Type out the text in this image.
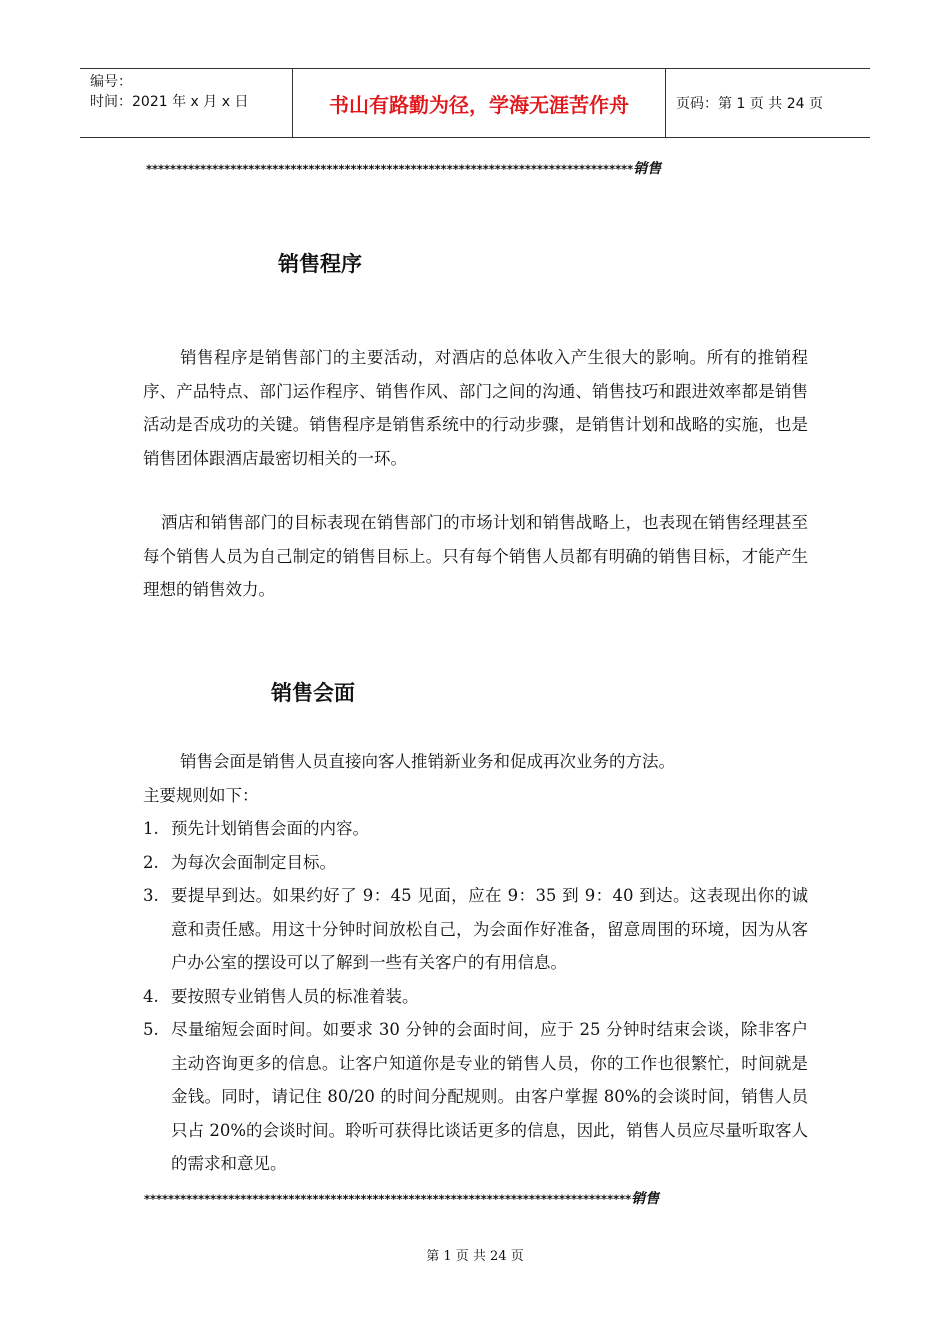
编号：
时间：2021 年 x 月 x 日	书山有路勤为径，学海无涯苦作舟	页码：第 1 页 共 24 页
*********************************************************************************销售
销售程序

销售程序是销售部门的主要活动，对酒店的总体收入产生很大的影响。所有的推销程序、产品特点、部门运作程序、销售作风、部门之间的沟通、销售技巧和跟进效率都是销售活动是否成功的关键。销售程序是销售系统中的行动步骤，是销售计划和战略的实施，也是销售团体跟酒店最密切相关的一环。

酒店和销售部门的目标表现在销售部门的市场计划和销售战略上，也表现在销售经理甚至每个销售人员为自己制定的销售目标上。只有每个销售人员都有明确的销售目标，才能产生理想的销售效力。

销售会面

销售会面是销售人员直接向客人推销新业务和促成再次业务的方法。

主要规则如下：

1. 预先计划销售会面的内容。
2. 为每次会面制定目标。
3. 要提早到达。如果约好了 9：45 见面，应在 9：35 到 9：40 到达。这表现出你的诚意和责任感。用这十分钟时间放松自己，为会面作好准备，留意周围的环境，因为从客户办公室的摆设可以了解到一些有关客户的有用信息。
4. 要按照专业销售人员的标准着装。
5. 尽量缩短会面时间。如要求 30 分钟的会面时间，应于 25 分钟时结束会谈，除非客户主动咨询更多的信息。让客户知道你是专业的销售人员，你的工作也很繁忙，时间就是金钱。同时，请记住 80/20 的时间分配规则。由客户掌握 80%的会谈时间，销售人员只占 20%的会谈时间。聆听可获得比谈话更多的信息，因此，销售人员应尽量听取客人的需求和意见。
*********************************************************************************销售
第 1 页 共 24 页
